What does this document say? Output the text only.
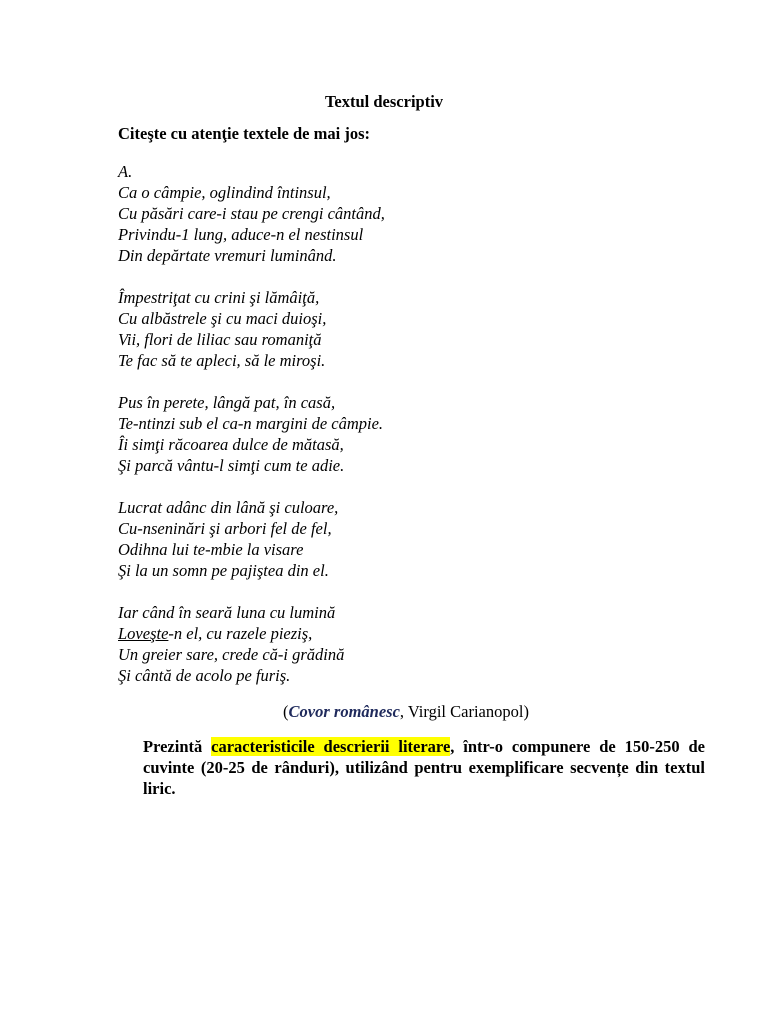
Textul descriptiv
Citeşte cu atenţie textele de mai jos:
A.
Ca o câmpie, oglindind întinsul,
Cu păsări care-i stau pe crengi cântând,
Privindu-1 lung, aduce-n el nestinsul
Din depărtate vremuri luminând.
Împestriţat cu crini şi lămâiţă,
Cu albăstrele şi cu maci duioşi,
Vii, flori de liliac sau romaniţă
Te fac să te apleci, să le miroşi.
Pus în perete, lângă pat, în casă,
Te-ntinzi sub el ca-n margini de câmpie.
Îi simţi răcoarea dulce de mătasă,
Şi parcă vântu-l simţi cum te adie.
Lucrat adânc din lână şi culoare,
Cu-nseninări şi arbori fel de fel,
Odihna lui te-mbie la visare
Şi la un somn pe pajiştea din el.
Iar când în seară luna cu lumină
Loveşte-n el, cu razele pieziş,
Un greier sare, crede că-i grădină
Şi cântă de acolo pe furiş.
(Covor românesc, Virgil Carianopol)
Prezintă caracteristicile descrierii literare, într-o compunere de 150-250 de cuvinte (20-25 de rânduri), utilizând pentru exemplificare secvențe din textul liric.
